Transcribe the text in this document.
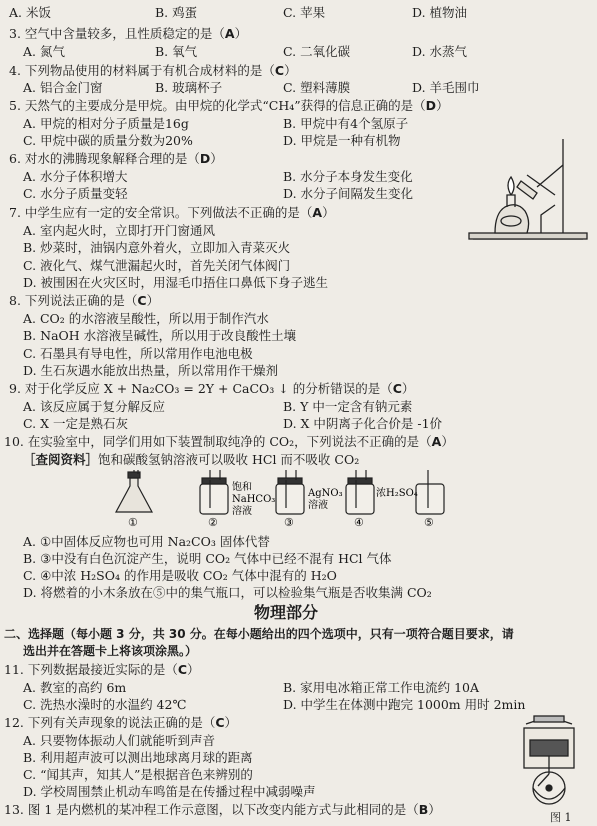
A. 米饭	B. 鸡蛋	C. 苹果	D. 植物油
3. 空气中含量较多，且性质稳定的是（A）
A. 氮气	B. 氧气	C. 二氧化碳	D. 水蒸气
4. 下列物品使用的材料属于有机合成材料的是（C）
A. 铝合金门窗	B. 玻璃杯子	C. 塑料薄膜	D. 羊毛围巾
5. 天然气的主要成分是甲烷。由甲烷的化学式“CH₄”获得的信息正确的是（D）
A. 甲烷的相对分子质量是16g	B. 甲烷中有4个氢原子
C. 甲烷中碳的质量分数为20%	D. 甲烷是一种有机物
6. 对水的沸腾现象解释合理的是（D）
A. 水分子体积增大	B. 水分子本身发生变化
C. 水分子质量变轻	D. 水分子间隔发生变化
7. 中学生应有一定的安全常识。下列做法不正确的是（A）
A. 室内起火时，立即打开门窗通风
B. 炒菜时，油锅内意外着火，立即加入青菜灭火
C. 液化气、煤气泄漏起火时，首先关闭气体阀门
D. 被围困在火灾区时，用湿毛巾捂住口鼻低下身子逃生
8. 下列说法正确的是（C）
A. CO₂ 的水溶液呈酸性，所以用于制作汽水
B. NaOH 水溶液呈碱性，所以用于改良酸性土壤
C. 石墨具有导电性，所以常用作电池电极
D. 生石灰遇水能放出热量，所以常用作干燥剂
9. 对于化学反应 X + Na₂CO₃ = 2Y + CaCO₃ ↓ 的分析错误的是（C）
A. 该反应属于复分解反应	B. Y 中一定含有钠元素
C. X 一定是熟石灰	D. X 中阴离子化合价是 -1价
10. 在实验室中，同学们用如下装置制取纯净的 CO₂，下列说法不正确的是（A）
［查阅资料］饱和碳酸氢钠溶液可以吸收 HCl 而不吸收 CO₂
饱和
NaHCO₃
溶液
AgNO₃
溶液
浓H₂SO₄
①	②	③	④	⑤
A. ①中固体反应物也可用 Na₂CO₃ 固体代替
B. ③中没有白色沉淀产生，说明 CO₂ 气体中已经不混有 HCl 气体
C. ④中浓 H₂SO₄ 的作用是吸收 CO₂ 气体中混有的 H₂O
D. 将燃着的小木条放在⑤中的集气瓶口，可以检验集气瓶是否收集满 CO₂
物理部分
二、选择题（每小题 3 分，共 30 分。在每小题给出的四个选项中，只有一项符合题目要求，请
选出并在答题卡上将该项涂黑。）
11. 下列数据最接近实际的是（C）
A. 教室的高约 6m	B. 家用电冰箱正常工作电流约 10A
C. 洗热水澡时的水温约 42℃	D. 中学生在体测中跑完 1000m 用时 2min
12. 下列有关声现象的说法正确的是（C）
A. 只要物体振动人们就能听到声音
B. 利用超声波可以测出地球离月球的距离
C. “闻其声，知其人”是根据音色来辨别的
D. 学校周围禁止机动车鸣笛是在传播过程中减弱噪声
13. 图 1 是内燃机的某冲程工作示意图，以下改变内能方式与此相同的是（B）
图 1
